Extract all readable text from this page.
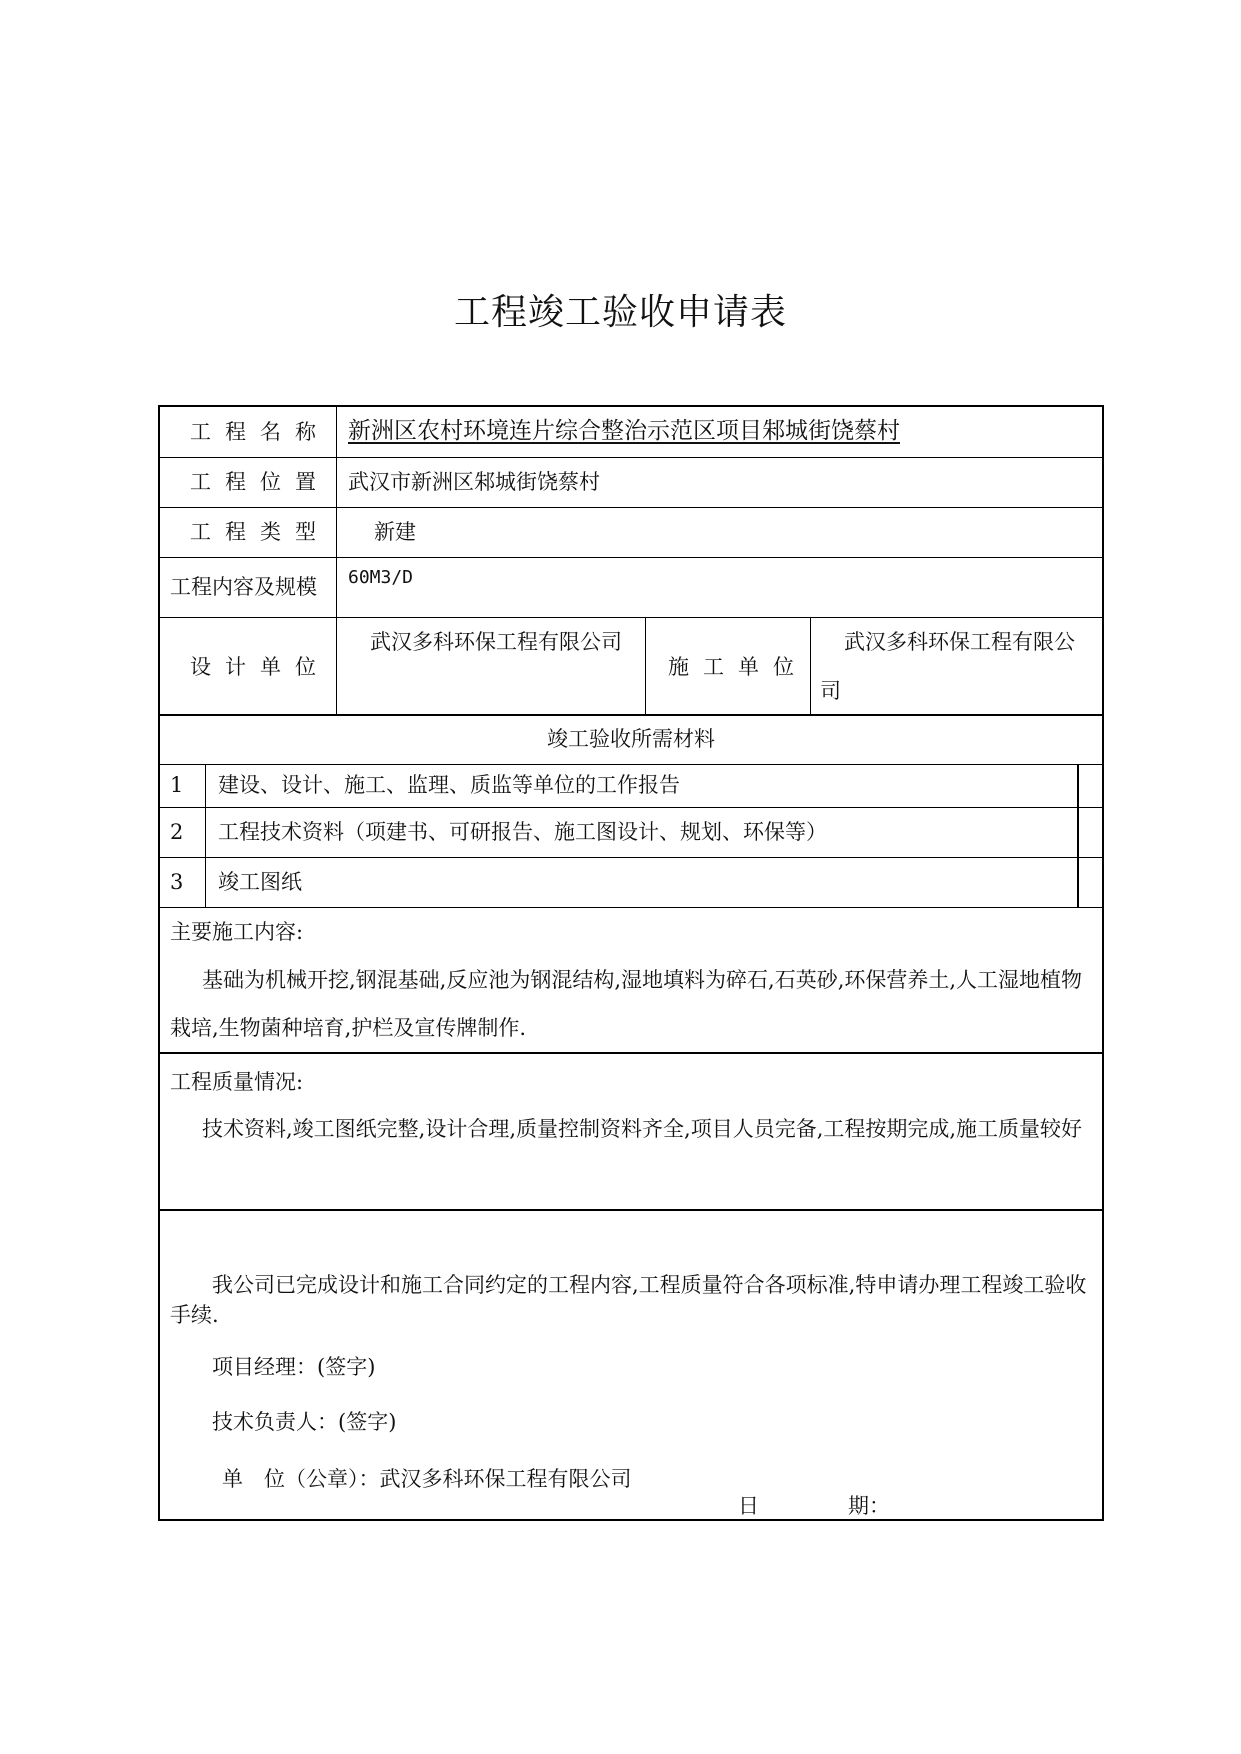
工程竣工验收申请表
工程名称 新洲区农村环境连片综合整治示范区项目邾城街饶蔡村
工程位置 武汉市新洲区邾城街饶蔡村
工程类型 新建
工程内容及规模 60M3/D
设计单位
武汉多科环保工程有限公司
施工单位
武汉多科环保工程有限公
司
竣工验收所需材料
1 建设、设计、施工、监理、质监等单位的工作报告
2 工程技术资料（项建书、可研报告、施工图设计、规划、环保等）
3 竣工图纸
主要施工内容:
基础为机械开挖,钢混基础,反应池为钢混结构,湿地填料为碎石,石英砂,环保营养土,人工湿地植物栽培,生物菌种培育,护栏及宣传牌制作.
工程质量情况:
技术资料,竣工图纸完整,设计合理,质量控制资料齐全,项目人员完备,工程按期完成,施工质量较好
我公司已完成设计和施工合同约定的工程内容,工程质量符合各项标准,特申请办理工程竣工验收手续.
项目经理：(签字)
技术负责人：(签字)
单　位（公章）：武汉多科环保工程有限公司
日	期：
